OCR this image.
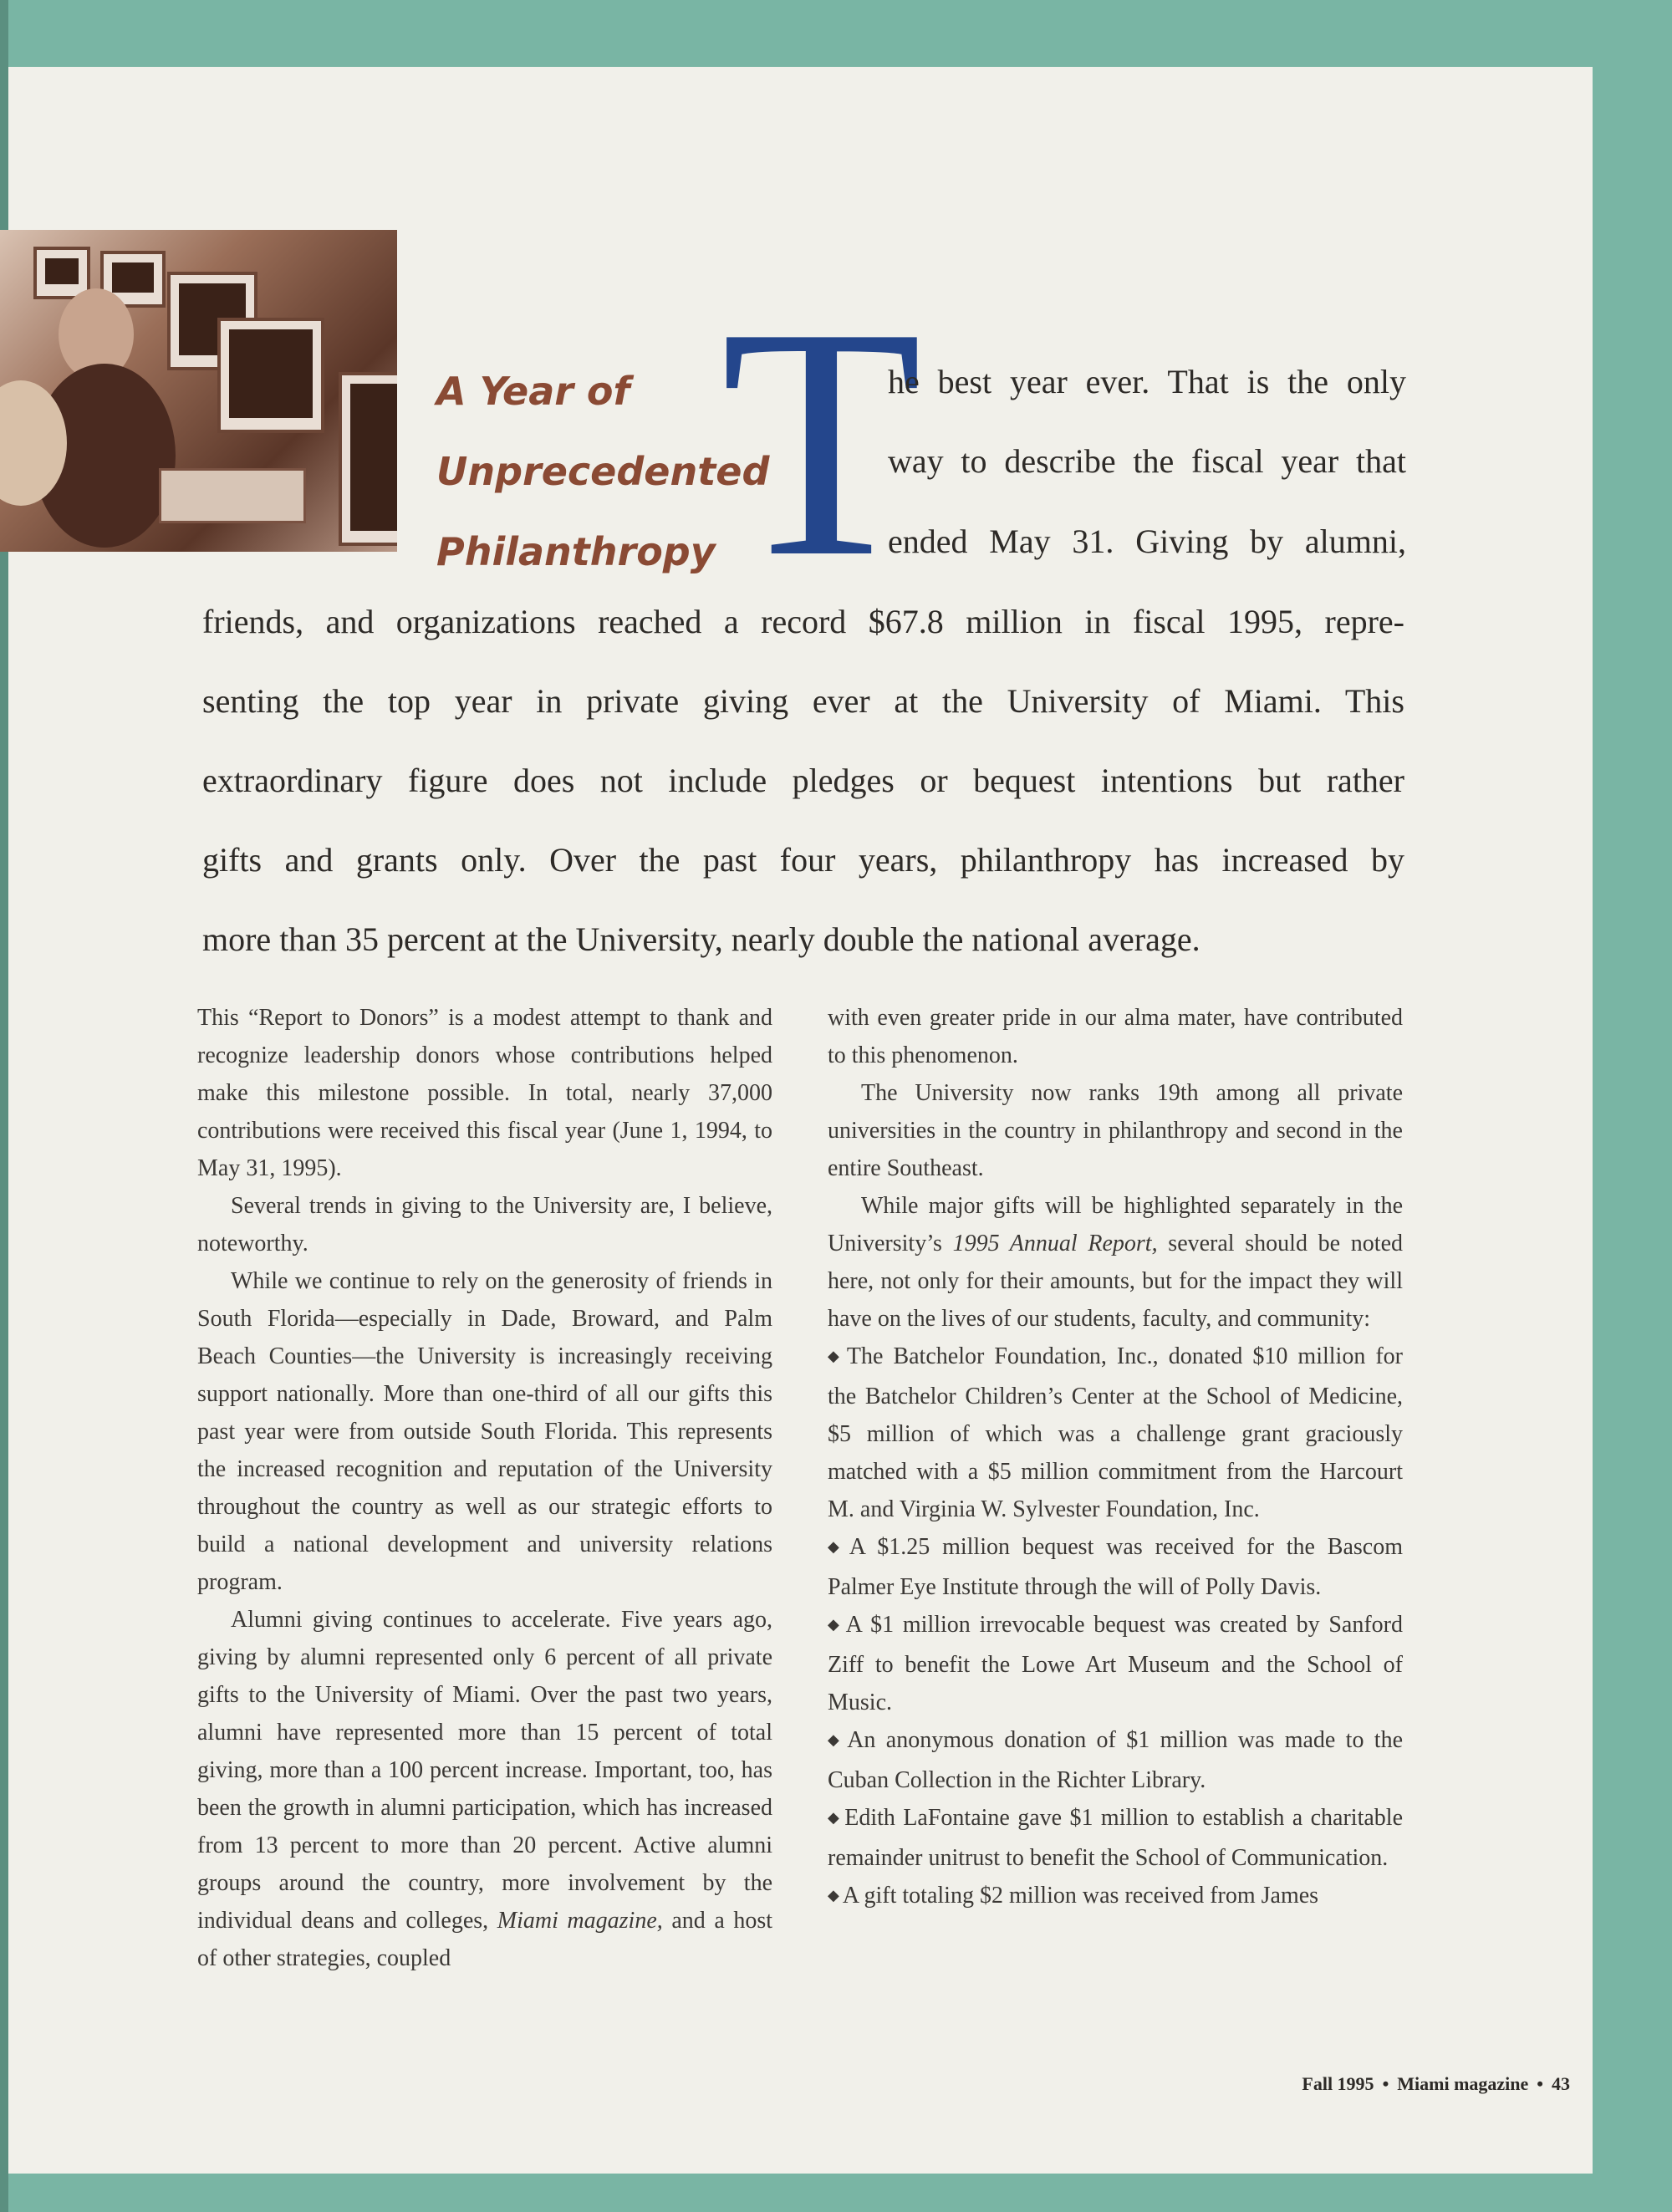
A Year of
Unprecedented
Philanthropy T
he best year ever. That is the only
way to describe the fiscal year that
ended May 31. Giving by alumni,
friends, and organizations reached a record $67.8 million in fiscal 1995, repre-
senting the top year in private giving ever at the University of Miami. This
extraordinary figure does not include pledges or bequest intentions but rather
gifts and grants only. Over the past four years, philanthropy has increased by
more than 35 percent at the University, nearly double the national average.

This “Report to Donors” is a modest attempt to thank and recognize leadership donors whose contributions helped make this milestone possible. In total, nearly 37,000 contributions were received this fiscal year (June 1, 1994, to May 31, 1995).

Several trends in giving to the University are, I believe, noteworthy.

While we continue to rely on the generosity of friends in South Florida—especially in Dade, Broward, and Palm Beach Counties—the University is increasingly receiving support nationally. More than one-third of all our gifts this past year were from outside South Florida. This represents the increased recognition and reputation of the University throughout the country as well as our strategic efforts to build a national development and university relations program.

Alumni giving continues to accelerate. Five years ago, giving by alumni represented only 6 percent of all private gifts to the University of Miami. Over the past two years, alumni have represented more than 15 percent of total giving, more than a 100 percent increase. Important, too, has been the growth in alumni participation, which has increased from 13 percent to more than 20 percent. Active alumni groups around the country, more involvement by the individual deans and colleges, Miami magazine, and a host of other strategies, coupled

with even greater pride in our alma mater, have contributed to this phenomenon.

The University now ranks 19th among all private universities in the country in philanthropy and second in the entire Southeast.

While major gifts will be highlighted separately in the University’s 1995 Annual Report, several should be noted here, not only for their amounts, but for the impact they will have on the lives of our students, faculty, and community:

◆ The Batchelor Foundation, Inc., donated $10 million for the Batchelor Children’s Center at the School of Medicine, $5 million of which was a challenge grant graciously matched with a $5 million commitment from the Harcourt M. and Virginia W. Sylvester Foundation, Inc.

◆ A $1.25 million bequest was received for the Bascom Palmer Eye Institute through the will of Polly Davis.

◆ A $1 million irrevocable bequest was created by Sanford Ziff to benefit the Lowe Art Museum and the School of Music.

◆ An anonymous donation of $1 million was made to the Cuban Collection in the Richter Library.

◆ Edith LaFontaine gave $1 million to establish a charitable remainder unitrust to benefit the School of Communication.

◆ A gift totaling $2 million was received from James

Fall 1995 • Miami magazine • 43
